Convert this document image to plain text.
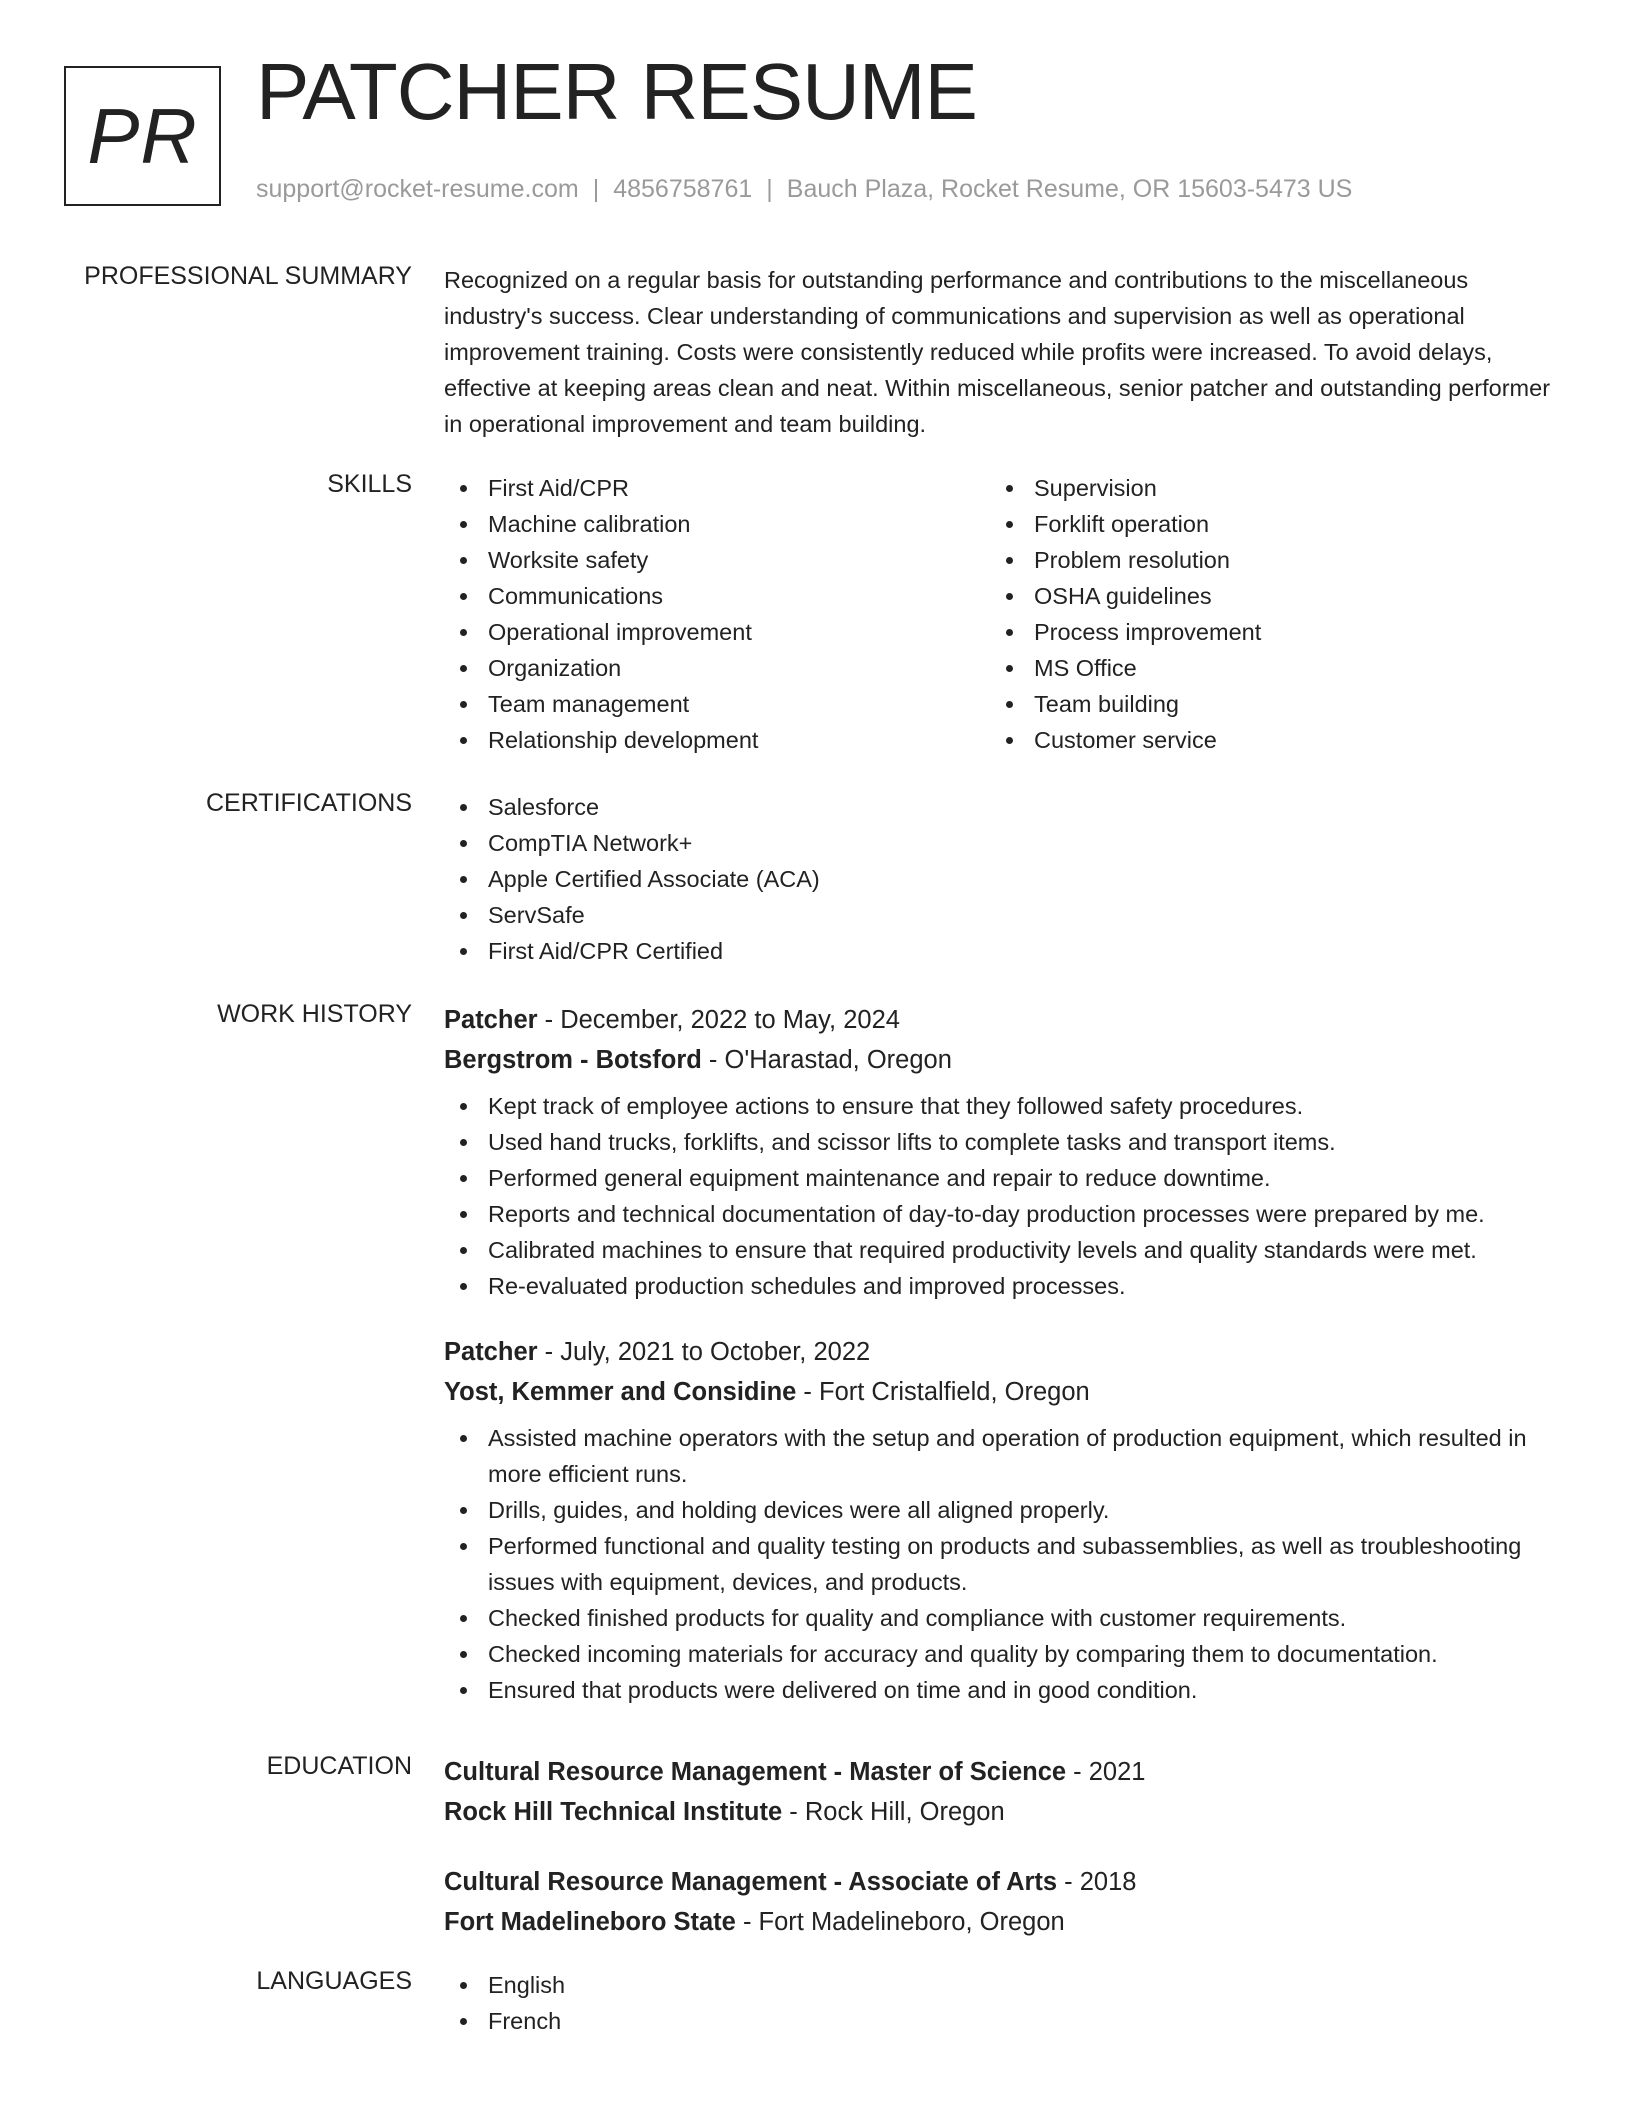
PR PATCHER RESUME
support@rocket-resume.com | 4856758761 | Bauch Plaza, Rocket Resume, OR 15603-5473 US
PROFESSIONAL SUMMARY Recognized on a regular basis for outstanding performance and contributions to the miscellaneous industry's success. Clear understanding of communications and supervision as well as operational improvement training. Costs were consistently reduced while profits were increased. To avoid delays, effective at keeping areas clean and neat. Within miscellaneous, senior patcher and outstanding performer in operational improvement and team building.

SKILLS	First Aid/CPR
Machine calibration
Worksite safety
Communications
Operational improvement
Organization
Team management
Relationship development
Supervision
Forklift operation
Problem resolution
OSHA guidelines
Process improvement
MS Office
Team building
Customer service
CERTIFICATIONS	Salesforce
CompTIA Network+
Apple Certified Associate (ACA)
ServSafe
First Aid/CPR Certified
WORK HISTORY Patcher - December, 2022 to May, 2024
Bergstrom - Botsford - O'Harastad, Oregon
Kept track of employee actions to ensure that they followed safety procedures.
Used hand trucks, forklifts, and scissor lifts to complete tasks and transport items.
Performed general equipment maintenance and repair to reduce downtime.
Reports and technical documentation of day-to-day production processes were prepared by me.
Calibrated machines to ensure that required productivity levels and quality standards were met.
Re-evaluated production schedules and improved processes.
Patcher - July, 2021 to October, 2022
Yost, Kemmer and Considine - Fort Cristalfield, Oregon
Assisted machine operators with the setup and operation of production equipment, which resulted in more efficient runs.
Drills, guides, and holding devices were all aligned properly.
Performed functional and quality testing on products and subassemblies, as well as troubleshooting issues with equipment, devices, and products.
Checked finished products for quality and compliance with customer requirements.
Checked incoming materials for accuracy and quality by comparing them to documentation.
Ensured that products were delivered on time and in good condition.
EDUCATION Cultural Resource Management - Master of Science - 2021
Rock Hill Technical Institute - Rock Hill, Oregon
Cultural Resource Management - Associate of Arts - 2018
Fort Madelineboro State - Fort Madelineboro, Oregon
LANGUAGES	English
French
